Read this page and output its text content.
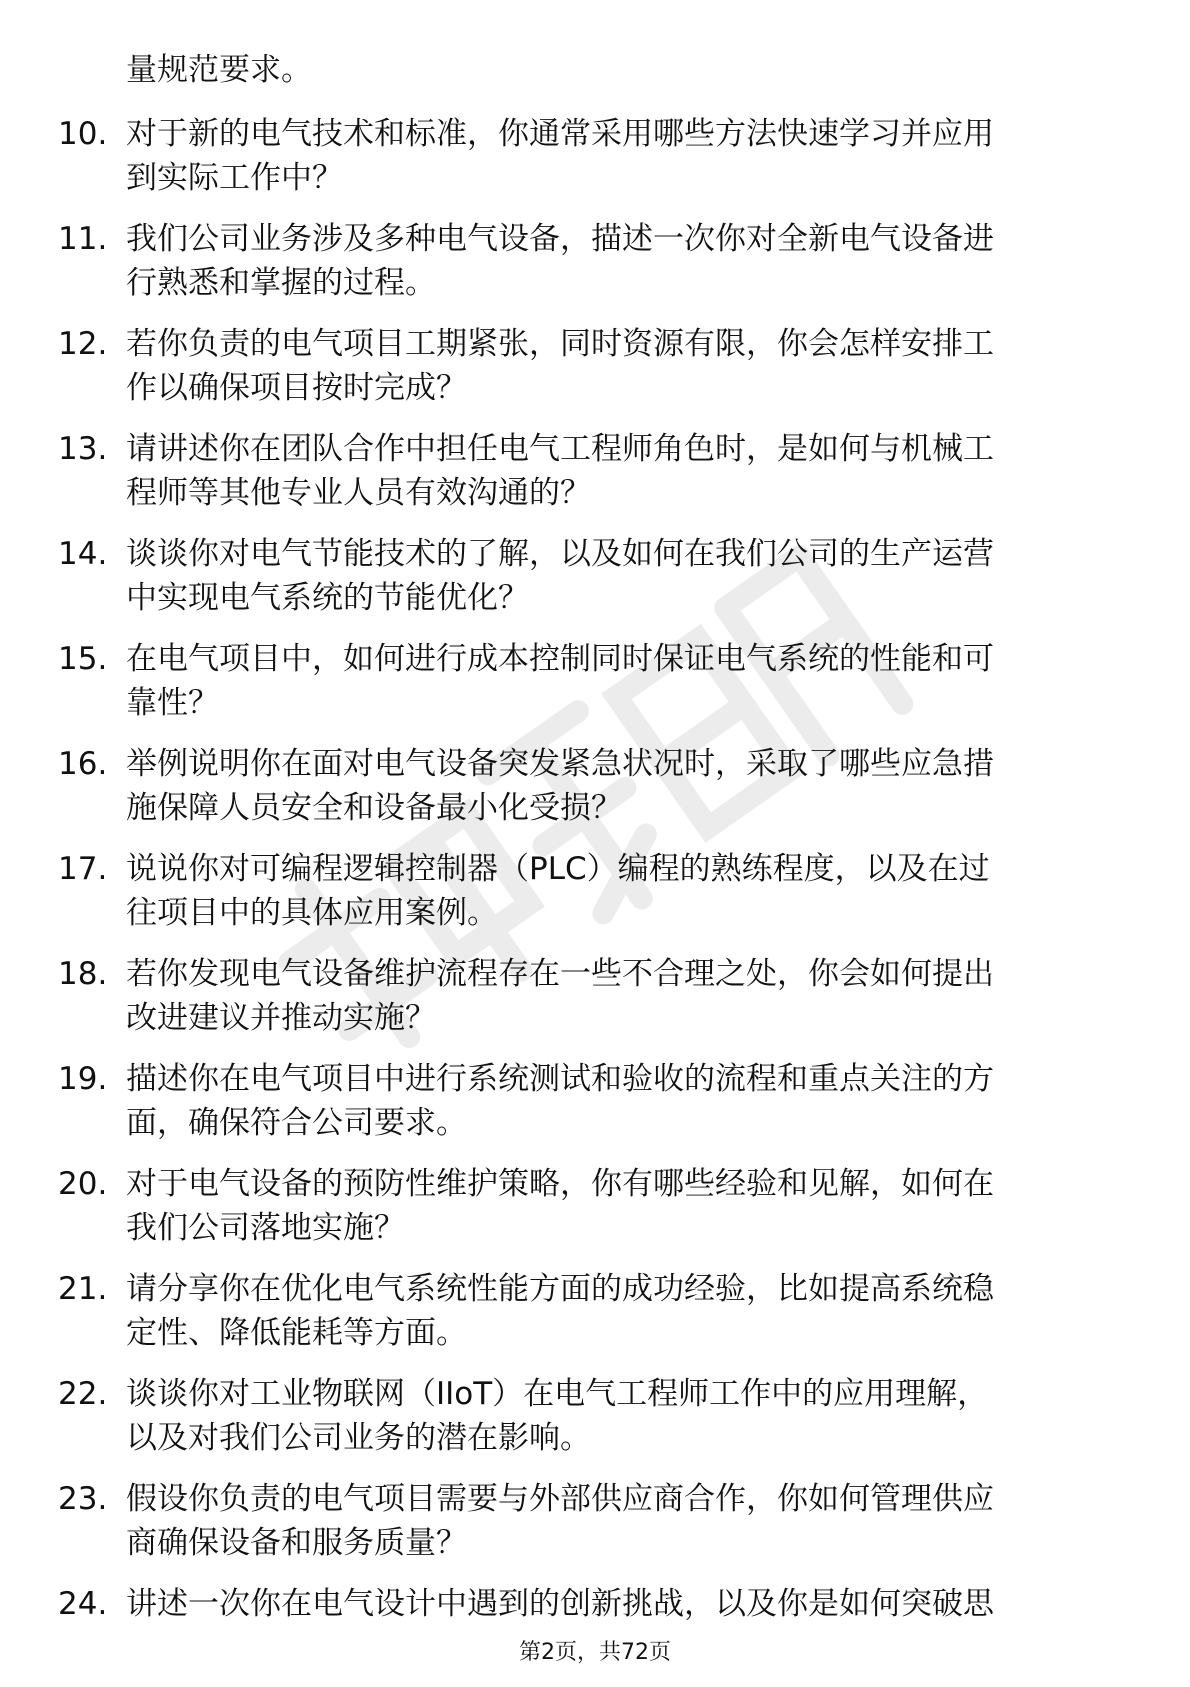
量规范要求。
10. 对于新的电气技术和标准，你通常采用哪些方法快速学习并应用
到实际工作中？
11. 我们公司业务涉及多种电气设备，描述一次你对全新电气设备进
行熟悉和掌握的过程。
12. 若你负责的电气项目工期紧张，同时资源有限，你会怎样安排工
作以确保项目按时完成？
13. 请讲述你在团队合作中担任电气工程师角色时，是如何与机械工
程师等其他专业人员有效沟通的？
14. 谈谈你对电气节能技术的了解，以及如何在我们公司的生产运营
中实现电气系统的节能优化？
15. 在电气项目中，如何进行成本控制同时保证电气系统的性能和可
靠性？
16. 举例说明你在面对电气设备突发紧急状况时，采取了哪些应急措
施保障人员安全和设备最小化受损？
17. 说说你对可编程逻辑控制器（PLC）编程的熟练程度，以及在过
往项目中的具体应用案例。
18. 若你发现电气设备维护流程存在一些不合理之处，你会如何提出
改进建议并推动实施？
19. 描述你在电气项目中进行系统测试和验收的流程和重点关注的方
面，确保符合公司要求。
20. 对于电气设备的预防性维护策略，你有哪些经验和见解，如何在
我们公司落地实施？
21. 请分享你在优化电气系统性能方面的成功经验，比如提高系统稳
定性、降低能耗等方面。
22. 谈谈你对工业物联网（IIoT）在电气工程师工作中的应用理解，
以及对我们公司业务的潜在影响。
23. 假设你负责的电气项目需要与外部供应商合作，你如何管理供应
商确保设备和服务质量？
24. 讲述一次你在电气设计中遇到的创新挑战，以及你是如何突破思
第2页，共72页
